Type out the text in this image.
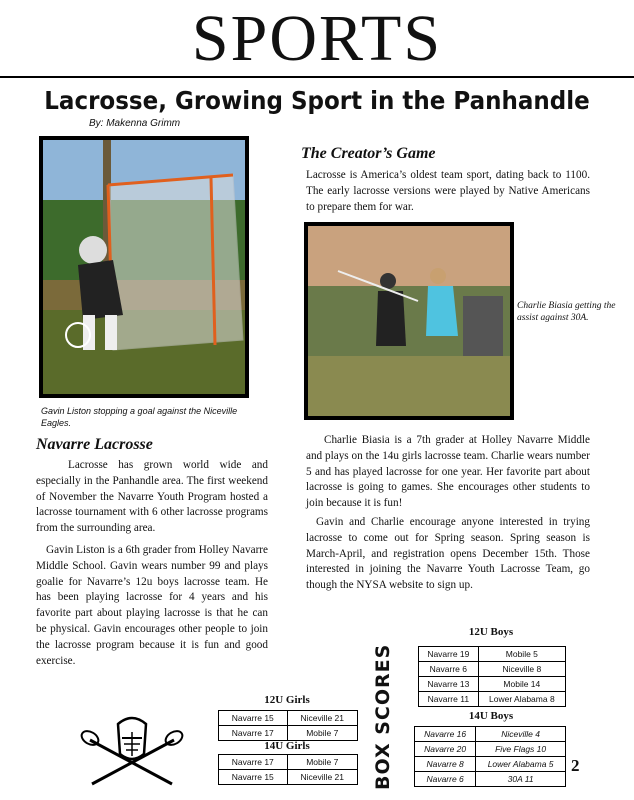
SPORTS
Lacrosse, Growing Sport in the Panhandle
By: Makenna Grimm
Gavin Liston stopping a goal against the Niceville Eagles.
The Creator’s Game
Lacrosse is America’s oldest team sport, dating back to 1100. The early lacrosse versions were played by Native Americans to prepare them for war.
Charlie Biasia getting the assist against 30A.
Navarre Lacrosse

Lacrosse has grown world wide and especially in the Panhandle area. The first weekend of November the Navarre Youth Program hosted a lacrosse tournament with 6 other lacrosse programs from the surrounding area.

Gavin Liston is a 6th grader from Holley Navarre Middle School. Gavin wears number 99 and plays goalie for Navarre’s 12u boys lacrosse team. He has been playing lacrosse for 4 years and his favorite part about playing lacrosse is that he can be physical. Gavin encourages other people to join the lacrosse program because it is fun and good exercise.

Charlie Biasia is a 7th grader at Holley Navarre Middle and plays on the 14u girls lacrosse team. Charlie wears number 5 and has played lacrosse for one year. Her favorite part about lacrosse is going to games. She encourages other students to join because it is fun!

Gavin and Charlie encourage anyone interested in trying lacrosse to come out for Spring season. Spring season is March-April, and registration opens December 15th. Those interested in joining the Navarre Youth Lacrosse Team, go though the NYSA website to sign up.

BOX SCORES
12U Boys
Navarre 19	Mobile 5
Navarre 6	Niceville 8
Navarre 13	Mobile 14
Navarre 11	Lower Alabama 8
14U Boys
Navarre 16	Niceville 4
Navarre 20	Five Flags 10
Navarre 8	Lower Alabama 5
Navarre 6	30A 11
12U Girls
Navarre 15	Niceville 21
Navarre 17	Mobile 7
14U Girls
Navarre 17	Mobile 7
Navarre 15	Niceville 21
2
